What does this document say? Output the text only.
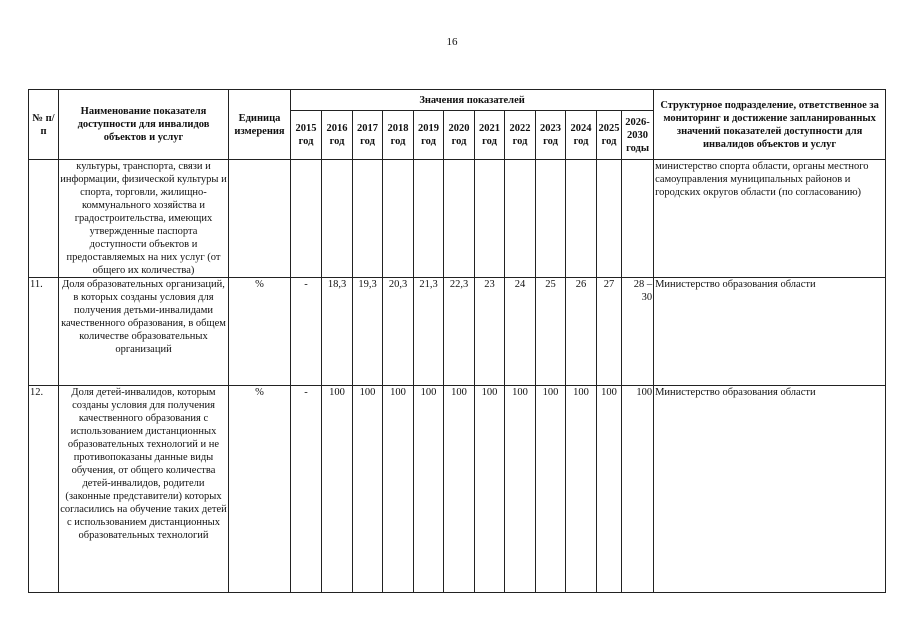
16
№ п/п	Наименование показателя доступности для инвалидов объектов и услуг	Единица измерения	Значения показателей												Структурное подразделение, ответственное за мониторинг и достижение запланированных значений показателей доступности для инвалидов объектов и услуг
			2015 год	2016 год	2017 год	2018 год	2019 год	2020 год	2021 год	2022 год	2023 год	2024 год	2025 год	2026-2030 годы	
	культуры, транспорта, связи и информации, физической культуры и спорта, торговли, жилищно-коммунального хозяйства и градостроительства, имеющих утвержденные паспорта доступности объектов и предоставляемых на них услуг (от общего их количества)														министерство спорта области, органы местного самоуправления муниципальных районов и городских округов области (по согласованию)
11.	Доля образовательных организаций, в которых созданы условия для получения детьми-инвалидами качественного образования, в общем количестве образовательных организаций	%	-	18,3	19,3	20,3	21,3	22,3	23	24	25	26	27	28 – 30	Министерство образования области
12.	Доля детей-инвалидов, которым созданы условия для получения качественного образования с использованием дистанционных образовательных технологий и не противопоказаны данные виды обучения, от общего количества детей-инвалидов, родители (законные представители) которых согласились на обучение таких детей с использованием дистанционных образовательных технологий	%	-	100	100	100	100	100	100	100	100	100	100	100	Министерство образования области
